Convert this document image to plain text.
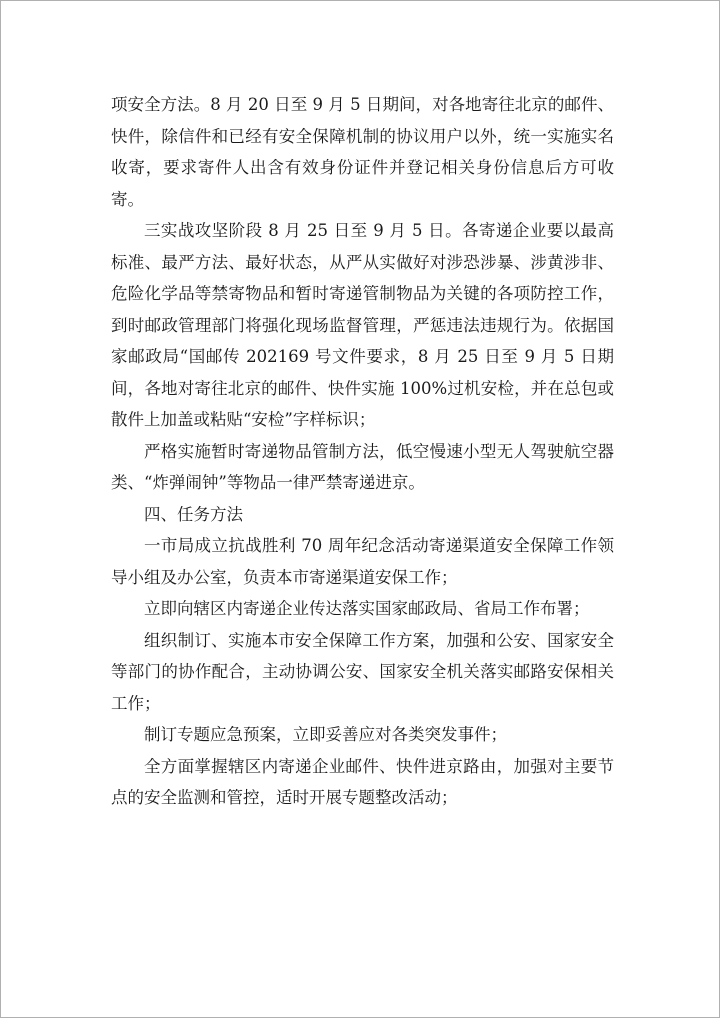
项安全方法。8 月 20 日至 9 月 5 日期间，对各地寄往北京的邮件、快件，除信件和已经有安全保障机制的协议用户以外，统一实施实名收寄，要求寄件人出含有效身份证件并登记相关身份信息后方可收寄。

三实战攻坚阶段 8 月 25 日至 9 月 5 日。各寄递企业要以最高标准、最严方法、最好状态，从严从实做好对涉恐涉暴、涉黄涉非、危险化学品等禁寄物品和暂时寄递管制物品为关键的各项防控工作，到时邮政管理部门将强化现场监督管理，严惩违法违规行为。依据国家邮政局“国邮传 202169 号文件要求，8 月 25 日至 9 月 5 日期间，各地对寄往北京的邮件、快件实施 100%过机安检，并在总包或散件上加盖或粘贴“安检”字样标识；

严格实施暂时寄递物品管制方法，低空慢速小型无人驾驶航空器类、“炸弹闹钟”等物品一律严禁寄递进京。

四、任务方法

一市局成立抗战胜利 70 周年纪念活动寄递渠道安全保障工作领导小组及办公室，负责本市寄递渠道安保工作；

立即向辖区内寄递企业传达落实国家邮政局、省局工作布署；

组织制订、实施本市安全保障工作方案，加强和公安、国家安全等部门的协作配合，主动协调公安、国家安全机关落实邮路安保相关工作；

制订专题应急预案，立即妥善应对各类突发事件；

全方面掌握辖区内寄递企业邮件、快件进京路由，加强对主要节点的安全监测和管控，适时开展专题整改活动；
